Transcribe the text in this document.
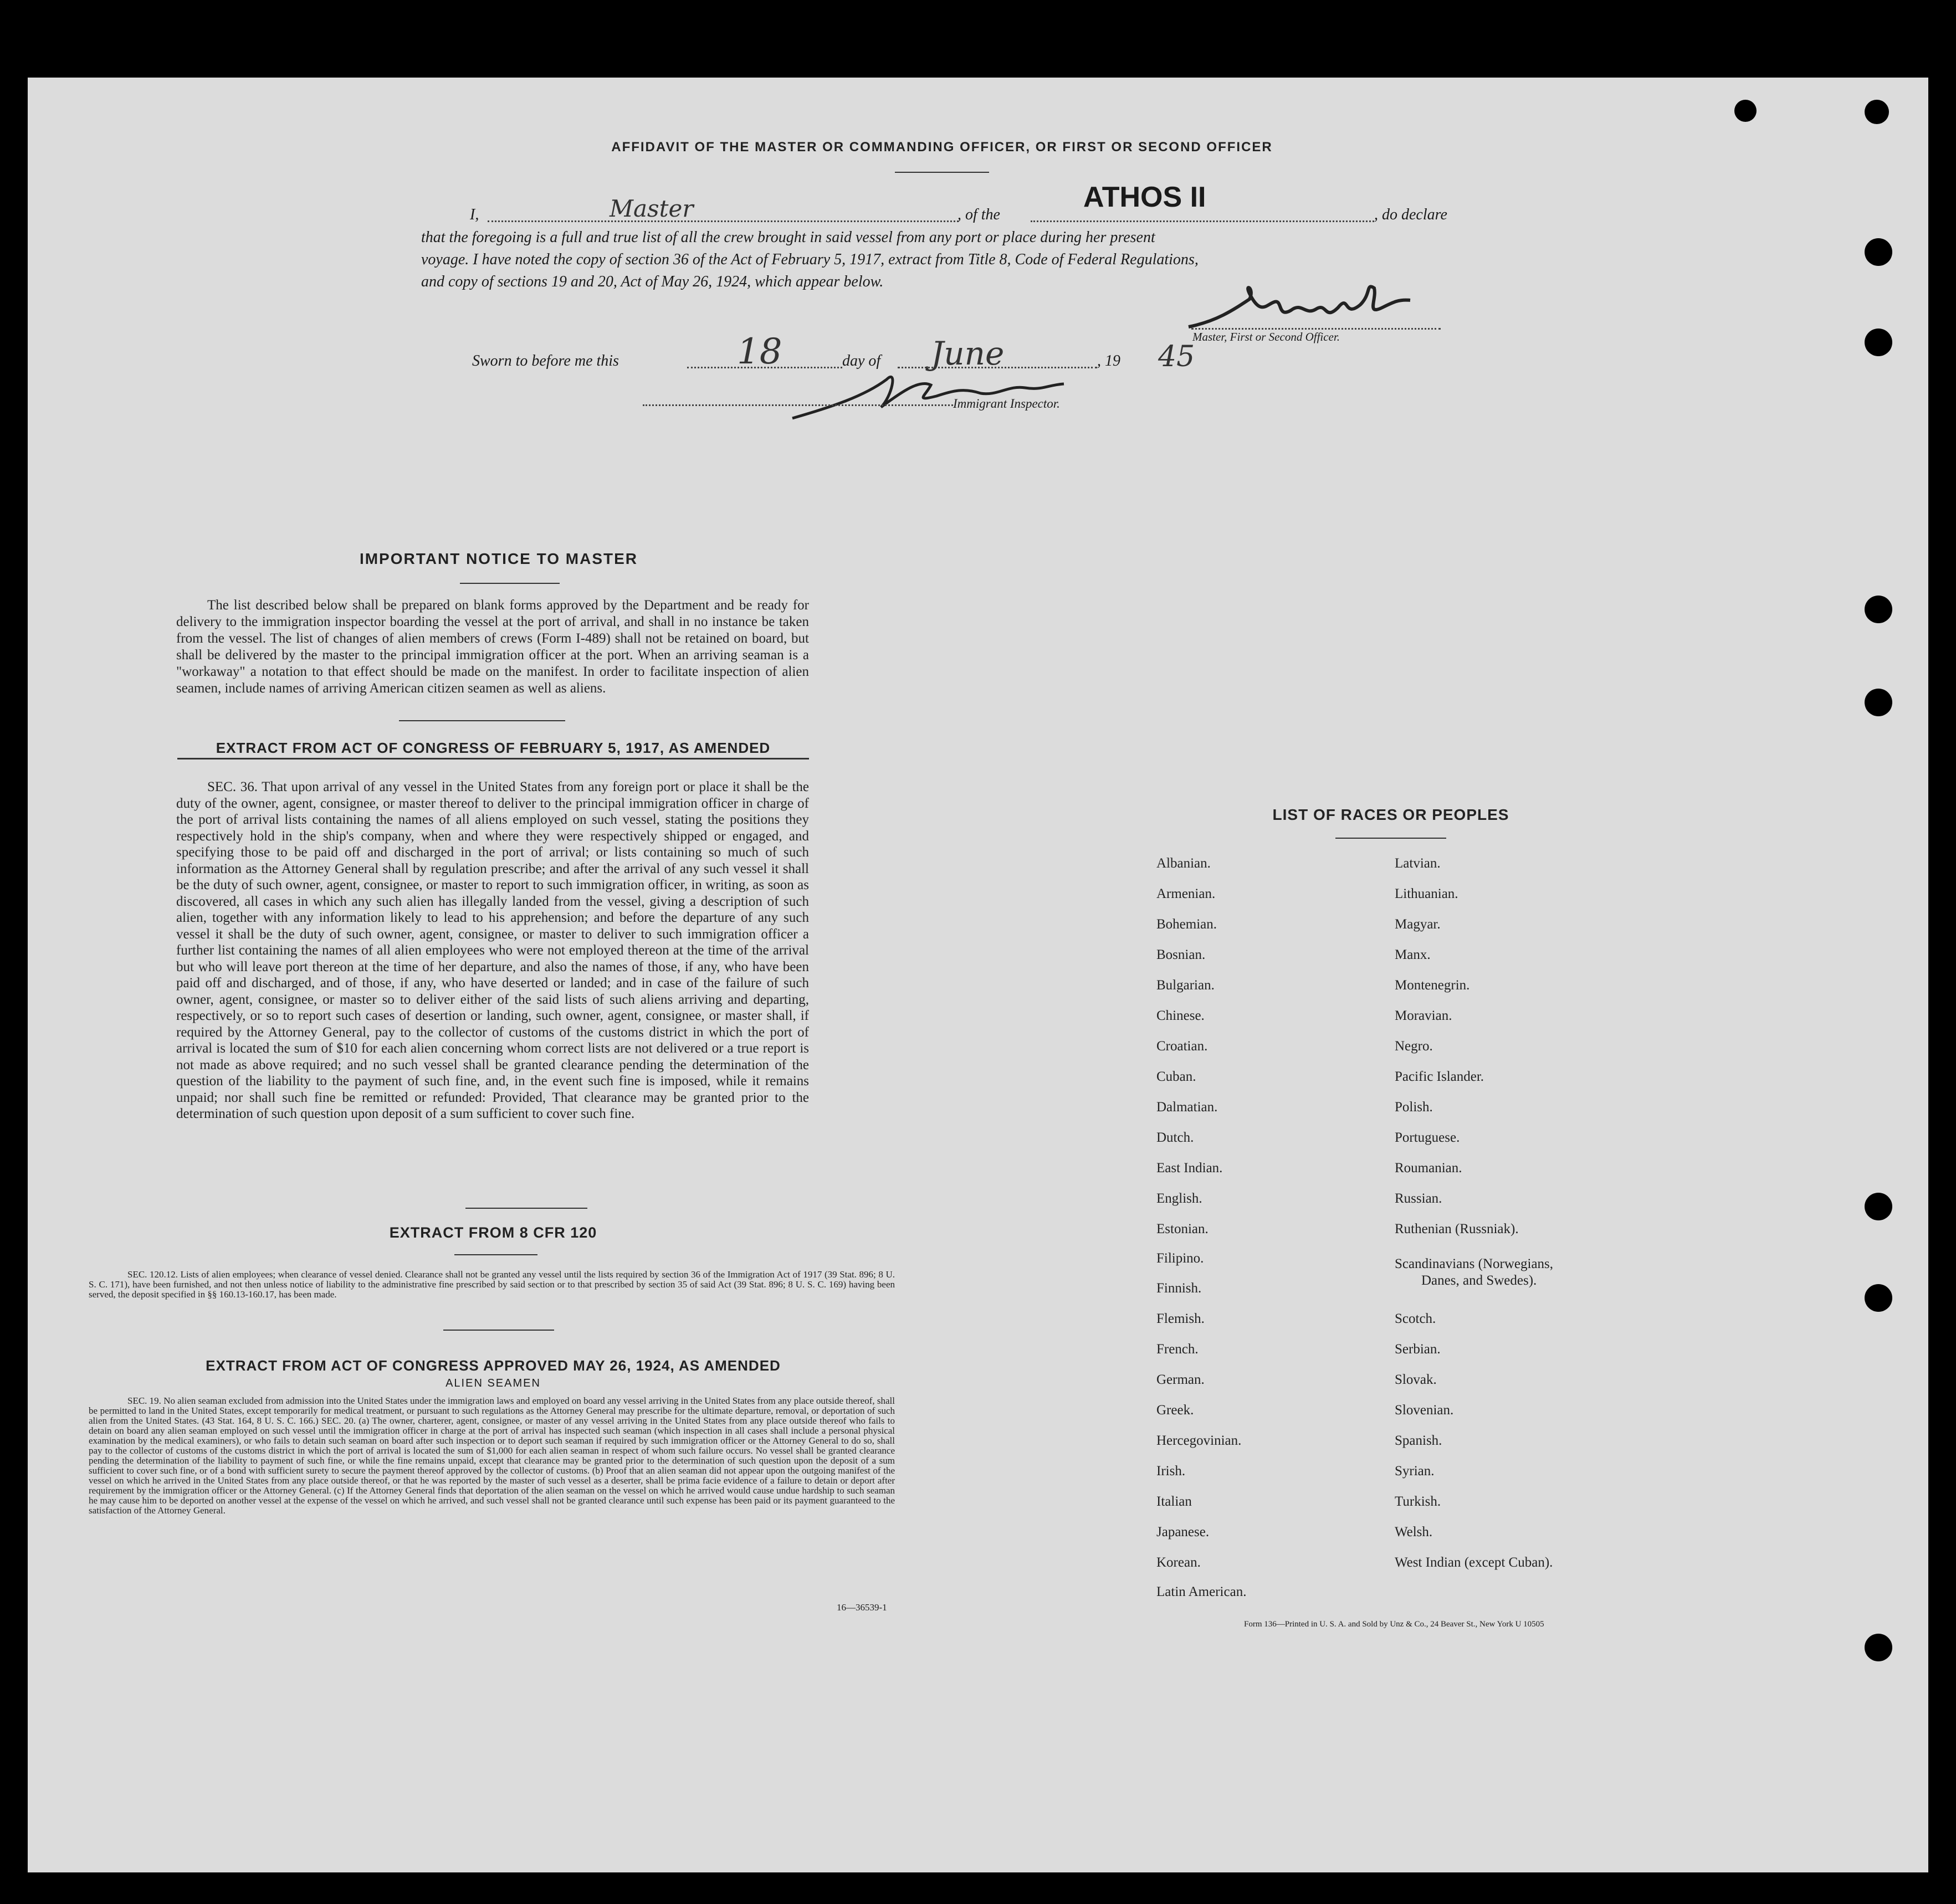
AFFIDAVIT OF THE MASTER OR COMMANDING OFFICER, OR FIRST OR SECOND OFFICER
I,	Master	, of the
ATHOS II
, do declare
that the foregoing is a full and true list of all the crew brought in said vessel from any port or place during her present
voyage. I have noted the copy of section 36 of the Act of February 5, 1917, extract from Title 8, Code of Federal Regulations,
and copy of sections 19 and 20, Act of May 26, 1924, which appear below.
Master, First or Second Officer.
Sworn to before me this	18	day of June	, 19 45
Immigrant Inspector.
IMPORTANT NOTICE TO MASTER
The list described below shall be prepared on blank forms approved by the Department and be ready for delivery to the immigration inspector boarding the vessel at the port of arrival, and shall in no instance be taken from the vessel. The list of changes of alien members of crews (Form I-489) shall not be retained on board, but shall be delivered by the master to the principal immigration officer at the port. When an arriving seaman is a "workaway" a notation to that effect should be made on the manifest. In order to facilitate inspection of alien seamen, include names of arriving American citizen seamen as well as aliens.
EXTRACT FROM ACT OF CONGRESS OF FEBRUARY 5, 1917, AS AMENDED
SEC. 36. That upon arrival of any vessel in the United States from any foreign port or place it shall be the duty of the owner, agent, consignee, or master thereof to deliver to the principal immigration officer in charge of the port of arrival lists containing the names of all aliens employed on such vessel, stating the positions they respectively hold in the ship's company, when and where they were respectively shipped or engaged, and specifying those to be paid off and discharged in the port of arrival; or lists containing so much of such information as the Attorney General shall by regulation prescribe; and after the arrival of any such vessel it shall be the duty of such owner, agent, consignee, or master to report to such immigration officer, in writing, as soon as discovered, all cases in which any such alien has illegally landed from the vessel, giving a description of such alien, together with any information likely to lead to his apprehension; and before the departure of any such vessel it shall be the duty of such owner, agent, consignee, or master to deliver to such immigration officer a further list containing the names of all alien employees who were not employed thereon at the time of the arrival but who will leave port thereon at the time of her departure, and also the names of those, if any, who have been paid off and discharged, and of those, if any, who have deserted or landed; and in case of the failure of such owner, agent, consignee, or master so to deliver either of the said lists of such aliens arriving and departing, respectively, or so to report such cases of desertion or landing, such owner, agent, consignee, or master shall, if required by the Attorney General, pay to the collector of customs of the customs district in which the port of arrival is located the sum of $10 for each alien concerning whom correct lists are not delivered or a true report is not made as above required; and no such vessel shall be granted clearance pending the determination of the question of the liability to the payment of such fine, and, in the event such fine is imposed, while it remains unpaid; nor shall such fine be remitted or refunded: Provided, That clearance may be granted prior to the determination of such question upon deposit of a sum sufficient to cover such fine.
EXTRACT FROM 8 CFR 120
SEC. 120.12. Lists of alien employees; when clearance of vessel denied. Clearance shall not be granted any vessel until the lists required by section 36 of the Immigration Act of 1917 (39 Stat. 896; 8 U. S. C. 171), have been furnished, and not then unless notice of liability to the administrative fine prescribed by said section or to that prescribed by section 35 of said Act (39 Stat. 896; 8 U. S. C. 169) having been served, the deposit specified in §§ 160.13-160.17, has been made.
EXTRACT FROM ACT OF CONGRESS APPROVED MAY 26, 1924, AS AMENDED
ALIEN SEAMEN
SEC. 19. No alien seaman excluded from admission into the United States under the immigration laws and employed on board any vessel arriving in the United States from any place outside thereof, shall be permitted to land in the United States, except temporarily for medical treatment, or pursuant to such regulations as the Attorney General may prescribe for the ultimate departure, removal, or deportation of such alien from the United States. (43 Stat. 164, 8 U. S. C. 166.) SEC. 20. (a) The owner, charterer, agent, consignee, or master of any vessel arriving in the United States from any place outside thereof who fails to detain on board any alien seaman employed on such vessel until the immigration officer in charge at the port of arrival has inspected such seaman (which inspection in all cases shall include a personal physical examination by the medical examiners), or who fails to detain such seaman on board after such inspection or to deport such seaman if required by such immigration officer or the Attorney General to do so, shall pay to the collector of customs of the customs district in which the port of arrival is located the sum of $1,000 for each alien seaman in respect of whom such failure occurs. No vessel shall be granted clearance pending the determination of the liability to payment of such fine, or while the fine remains unpaid, except that clearance may be granted prior to the determination of such question upon the deposit of a sum sufficient to cover such fine, or of a bond with sufficient surety to secure the payment thereof approved by the collector of customs. (b) Proof that an alien seaman did not appear upon the outgoing manifest of the vessel on which he arrived in the United States from any place outside thereof, or that he was reported by the master of such vessel as a deserter, shall be prima facie evidence of a failure to detain or deport after requirement by the immigration officer or the Attorney General. (c) If the Attorney General finds that deportation of the alien seaman on the vessel on which he arrived would cause undue hardship to such seaman he may cause him to be deported on another vessel at the expense of the vessel on which he arrived, and such vessel shall not be granted clearance until such expense has been paid or its payment guaranteed to the satisfaction of the Attorney General.
16—36539-1
LIST OF RACES OR PEOPLES
Albanian.
Armenian.
Bohemian.
Bosnian.
Bulgarian.
Chinese.
Croatian.
Cuban.
Dalmatian.
Dutch.
East Indian.
English.
Estonian.
Filipino.
Finnish.
Flemish.
French.
German.
Greek.
Hercegovinian.
Irish.
Italian
Japanese.
Korean.
Latin American.
Latvian.
Lithuanian.
Magyar.
Manx.
Montenegrin.
Moravian.
Negro.
Pacific Islander.
Polish.
Portuguese.
Roumanian.
Russian.
Ruthenian (Russniak).
Scandinavians (Norwegians,
Danes, and Swedes).
Scotch.
Serbian.
Slovak.
Slovenian.
Spanish.
Syrian.
Turkish.
Welsh.
West Indian (except Cuban).
Form 136—Printed in U. S. A. and Sold by Unz & Co., 24 Beaver St., New York U 10505
